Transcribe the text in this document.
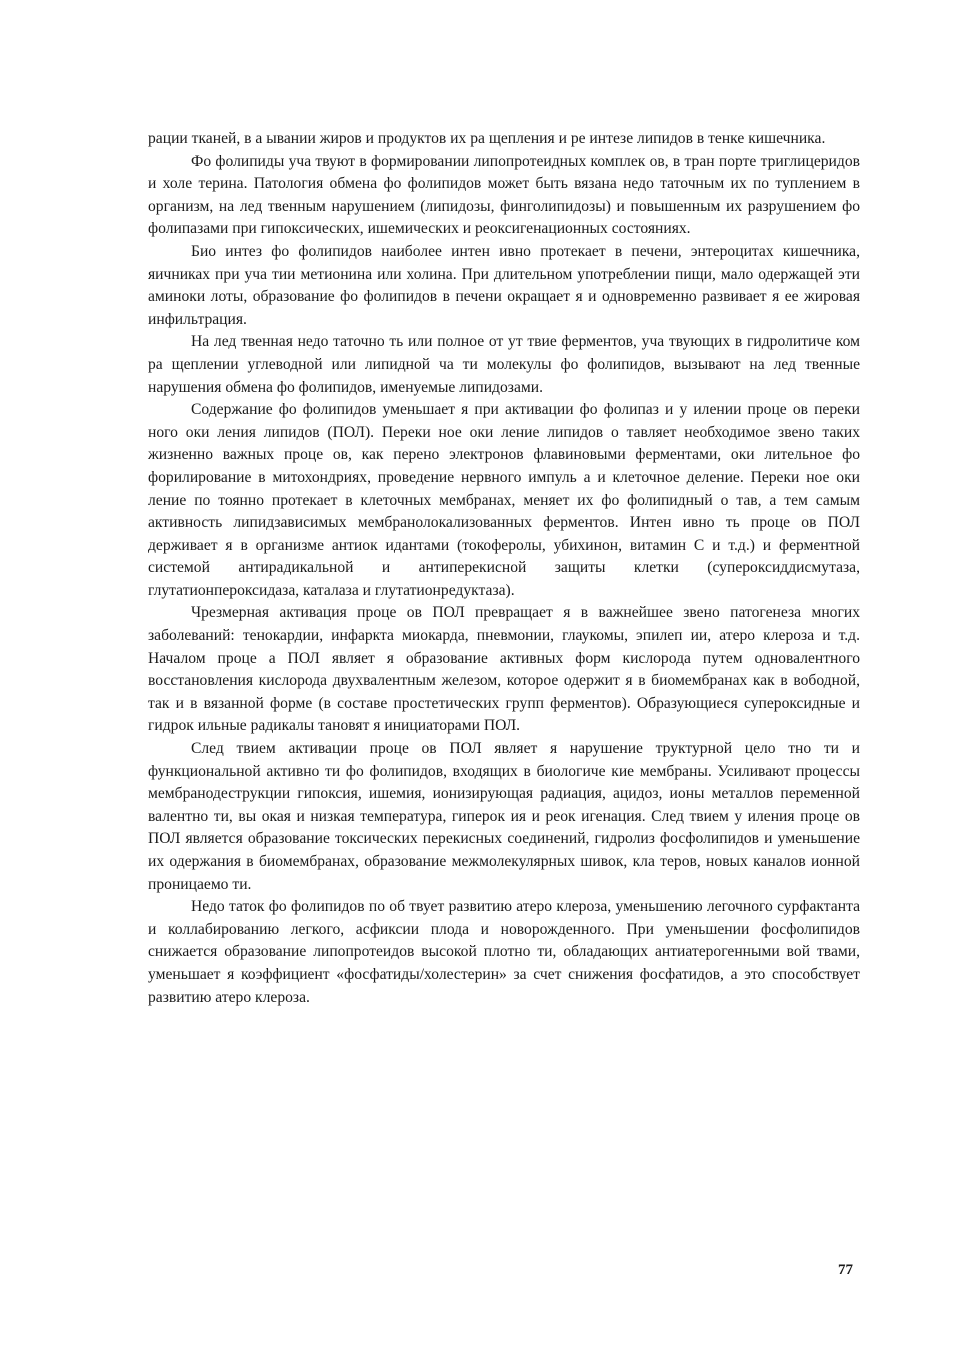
рации тканей, в а ывании жиров и продуктов их ра щепления и ре интезе липидов в тенке кишечника.

Фо фолипиды уча твуют в формировании липопротеидных комплек ов, в тран порте триглицеридов и холе терина. Патология обмена фо фолипидов может быть вязана недо таточным их по туплением в организм, на лед твенным нарушением (липидозы, финголипидозы) и повышенным их разрушением фо фолипазами при гипоксических, ишемических и реоксигенационных состояниях.

Био интез фо фолипидов наиболее интен ивно протекает в печени, энтероцитах кишечника, яичниках при уча тии метионина или холина. При длительном употреблении пищи, мало одержащей эти аминоки лоты, образование фо фолипидов в печени окращает я и одновременно развивает я ее жировая инфильтрация.

На лед твенная недо таточно ть или полное от ут твие ферментов, уча твующих в гидролитиче ком ра щеплении углеводной или липидной ча ти молекулы фо фолипидов, вызывают на лед твенные нарушения обмена фо фолипидов, именуемые липидозами.

Содержание фо фолипидов уменьшает я при активации фо фолипаз и у илении проце ов переки ного оки ления липидов (ПОЛ). Переки ное оки ление липидов о тавляет необходимое звено таких жизненно важных проце ов, как перено электронов флавиновыми ферментами, оки лительное фо форилирование в митохондриях, проведение нервного импуль а и клеточное деление. Переки ное оки ление по тоянно протекает в клеточных мембранах, меняет их фо фолипидный о тав, а тем самым активность липидзависимых мембранолокализованных ферментов. Интен ивно ть проце ов ПОЛ держивает я в организме антиок идантами (токоферолы, убихинон, витамин С и т.д.) и ферментной системой антирадикальной и антиперекисной защиты клетки (супероксиддисмутаза, глутатионпероксидаза, каталаза и глутатионредуктаза).

Чрезмерная активация проце ов ПОЛ превращает я в важнейшее звено патогенеза многих заболеваний: тенокардии, инфаркта миокарда, пневмонии, глаукомы, эпилеп ии, атеро клероза и т.д. Началом проце а ПОЛ являет я образование активных форм кислорода путем одновалентного восстановления кислорода двухвалентным железом, которое одержит я в биомембранах как в вободной, так и в вязанной форме (в составе простетических групп ферментов). Образующиеся супероксидные и гидрок ильные радикалы тановят я инициаторами ПОЛ.

След твием активации проце ов ПОЛ являет я нарушение труктурной цело тно ти и функциональной активно ти фо фолипидов, входящих в биологиче кие мембраны. Усиливают процессы мембранодеструкции гипоксия, ишемия, ионизирующая радиация, ацидоз, ионы металлов переменной валентно ти, вы окая и низкая температура, гиперок ия и реок игенация. След твием у иления проце ов ПОЛ является образование токсических перекисных соединений, гидролиз фосфолипидов и уменьшение их одержания в биомембранах, образование межмолекулярных шивок, кла теров, новых каналов ионной проницаемо ти.

Недо таток фо фолипидов по об твует развитию атеро клероза, уменьшению легочного сурфактанта и коллабированию легкого, асфиксии плода и новорожденного. При уменьшении фосфолипидов снижается образование липопротеидов высокой плотно ти, обладающих антиатерогенными вой твами, уменьшает я коэффициент «фосфатиды/холестерин» за счет снижения фосфатидов, а это способствует развитию атеро клероза.

77
